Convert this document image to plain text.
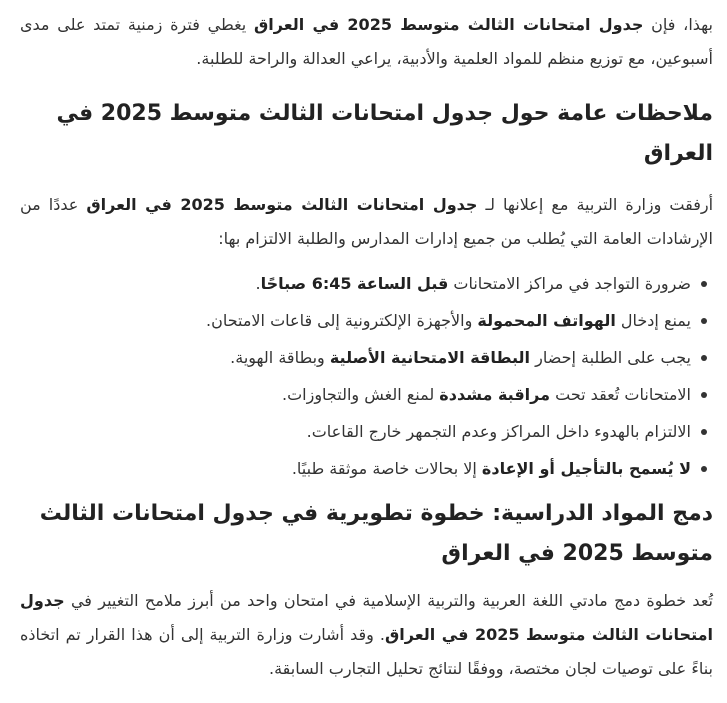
بهذا، فإن جدول امتحانات الثالث متوسط 2025 في العراق يغطي فترة زمنية تمتد على مدى أسبوعين، مع توزيع منظم للمواد العلمية والأدبية، يراعي العدالة والراحة للطلبة.

ملاحظات عامة حول جدول امتحانات الثالث متوسط 2025 في العراق

أرفقت وزارة التربية مع إعلانها لـ جدول امتحانات الثالث متوسط 2025 في العراق عددًا من الإرشادات العامة التي يُطلب من جميع إدارات المدارس والطلبة الالتزام بها:

ضرورة التواجد في مراكز الامتحانات قبل الساعة 6:45 صباحًا.
يمنع إدخال الهواتف المحمولة والأجهزة الإلكترونية إلى قاعات الامتحان.
يجب على الطلبة إحضار البطاقة الامتحانية الأصلية وبطاقة الهوية.
الامتحانات تُعقد تحت مراقبة مشددة لمنع الغش والتجاوزات.
الالتزام بالهدوء داخل المراكز وعدم التجمهر خارج القاعات.
لا يُسمح بالتأجيل أو الإعادة إلا بحالات خاصة موثقة طبيًا.
دمج المواد الدراسية: خطوة تطويرية في جدول امتحانات الثالث متوسط 2025 في العراق

تُعد خطوة دمج مادتي اللغة العربية والتربية الإسلامية في امتحان واحد من أبرز ملامح التغيير في جدول امتحانات الثالث متوسط 2025 في العراق. وقد أشارت وزارة التربية إلى أن هذا القرار تم اتخاذه بناءً على توصيات لجان مختصة، ووفقًا لنتائج تحليل التجارب السابقة.
